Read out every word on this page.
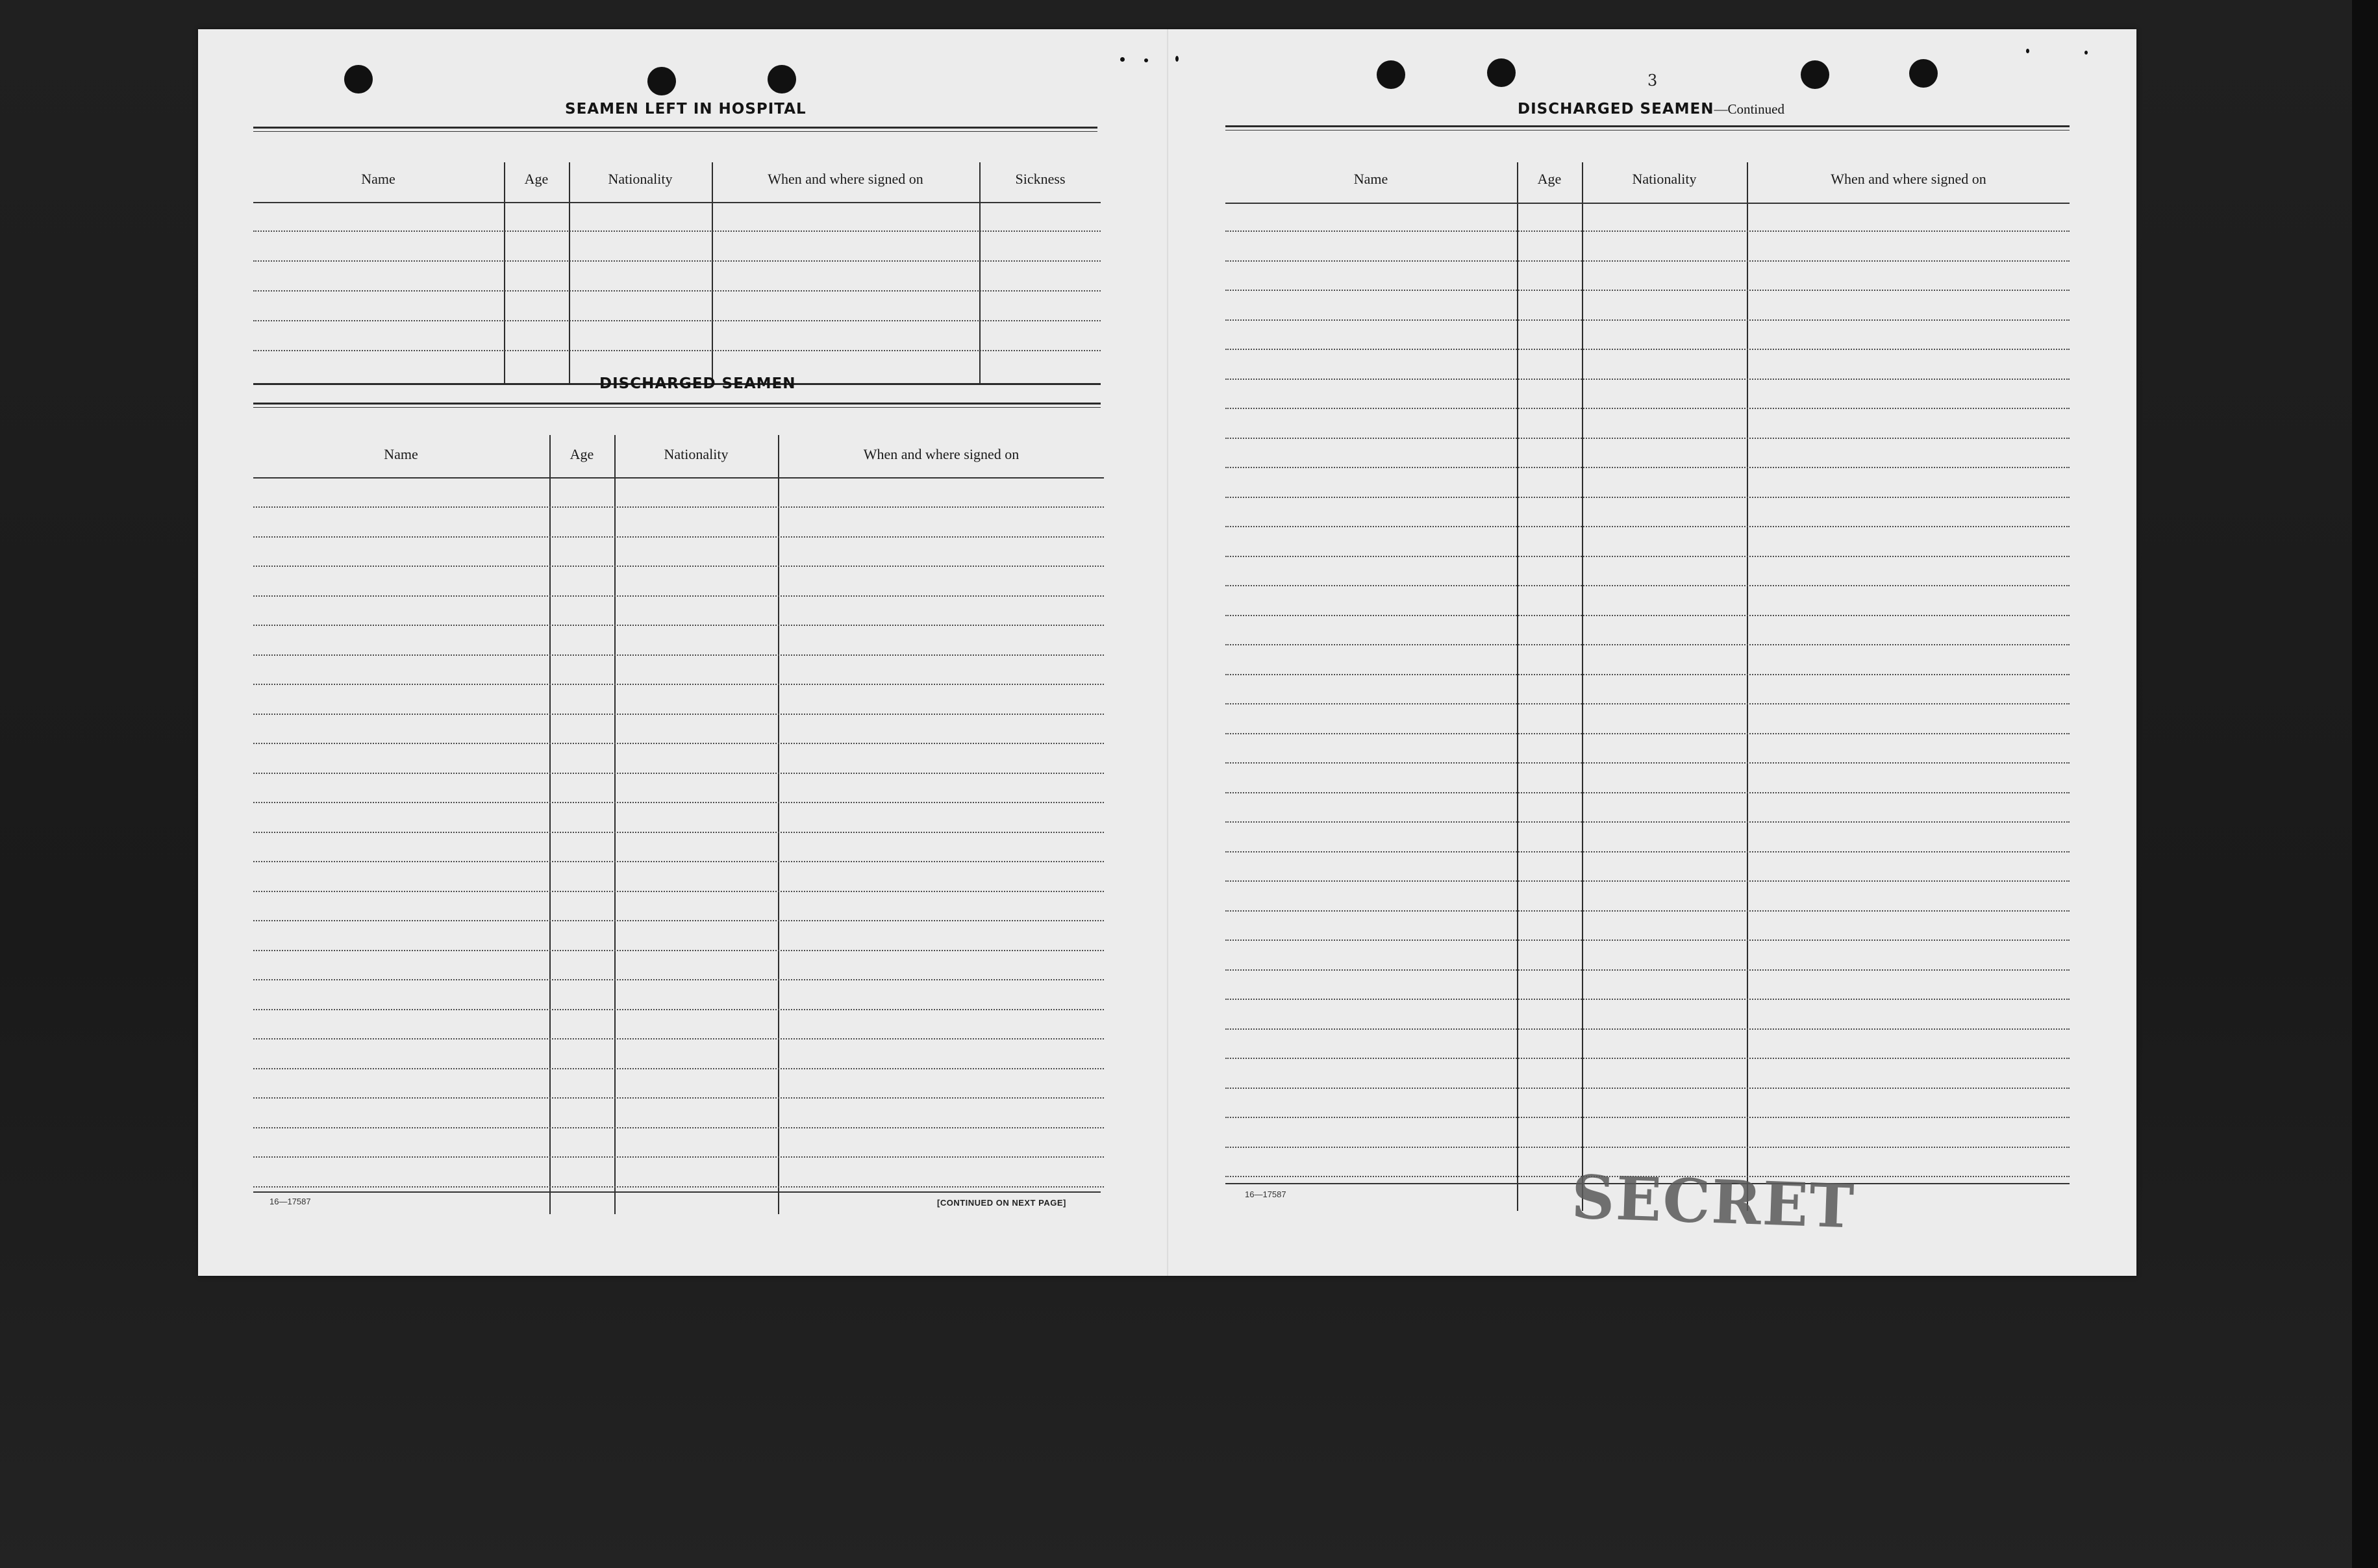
3
SEAMEN LEFT IN HOSPITAL
Name	Age	Nationality	When and where signed on	Sickness
DISCHARGED SEAMEN
Name	Age	Nationality	When and where signed on
16—17587	[CONTINUED ON NEXT PAGE]
DISCHARGED SEAMEN—Continued
Name	Age	Nationality	When and where signed on
16—17587	SECRET
